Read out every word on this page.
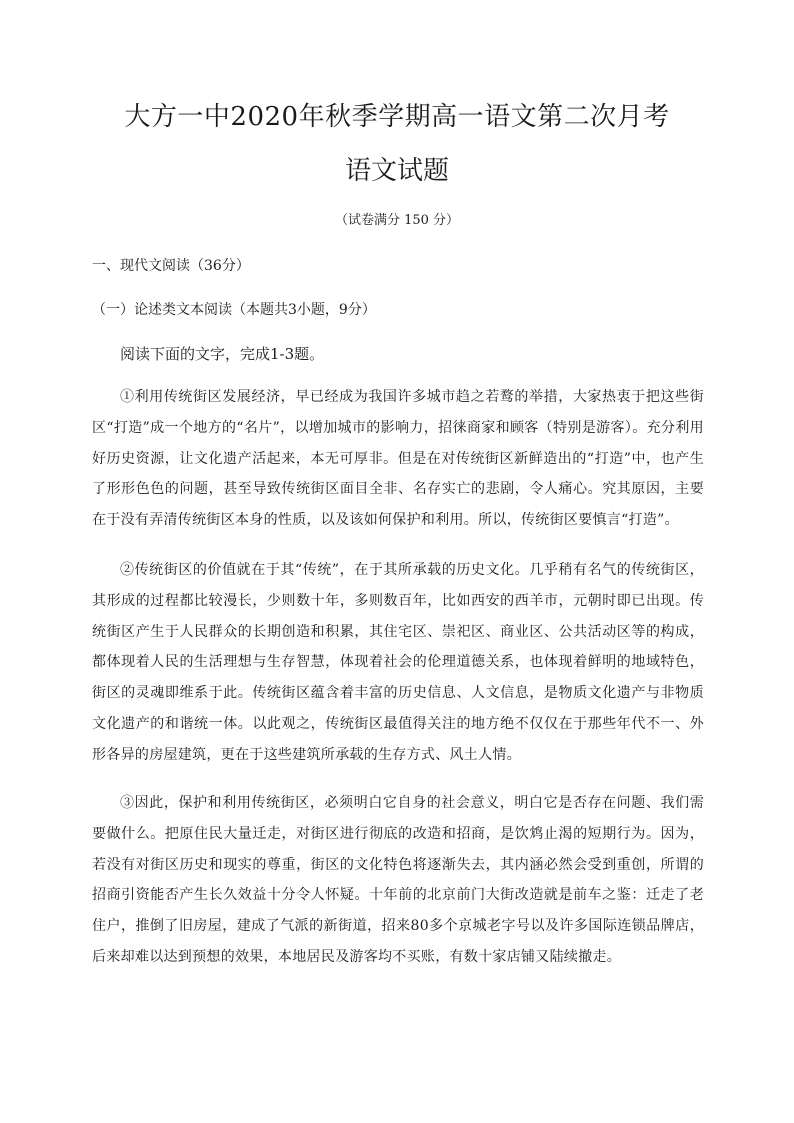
大方一中2020年秋季学期高一语文第二次月考
语文试题
（试卷满分 150 分）
一、现代文阅读（36分）
（一）论述类文本阅读（本题共3小题，9分）
阅读下面的文字，完成1-3题。

①利用传统街区发展经济，早已经成为我国许多城市趋之若鹜的举措，大家热衷于把这些街区“打造”成一个地方的“名片”，以增加城市的影响力，招徕商家和顾客（特别是游客）。充分利用好历史资源，让文化遗产活起来，本无可厚非。但是在对传统街区新鲜造出的“打造”中，也产生了形形色色的问题，甚至导致传统街区面目全非、名存实亡的悲剧，令人痛心。究其原因，主要在于没有弄清传统街区本身的性质，以及该如何保护和利用。所以，传统街区要慎言“打造”。

②传统街区的价值就在于其“传统”，在于其所承载的历史文化。几乎稍有名气的传统街区，其形成的过程都比较漫长，少则数十年，多则数百年，比如西安的西羊市，元朝时即已出现。传统街区产生于人民群众的长期创造和积累，其住宅区、崇祀区、商业区、公共活动区等的构成，都体现着人民的生活理想与生存智慧，体现着社会的伦理道德关系，也体现着鲜明的地域特色，街区的灵魂即维系于此。传统街区蕴含着丰富的历史信息、人文信息，是物质文化遗产与非物质文化遗产的和谐统一体。以此观之，传统街区最值得关注的地方绝不仅仅在于那些年代不一、外形各异的房屋建筑，更在于这些建筑所承载的生存方式、风土人情。

③因此，保护和利用传统街区，必须明白它自身的社会意义，明白它是否存在问题、我们需要做什么。把原住民大量迁走，对街区进行彻底的改造和招商，是饮鸩止渴的短期行为。因为，若没有对街区历史和现实的尊重，街区的文化特色将逐渐失去，其内涵必然会受到重创，所谓的招商引资能否产生长久效益十分令人怀疑。十年前的北京前门大街改造就是前车之鉴：迁走了老住户，推倒了旧房屋，建成了气派的新街道，招来80多个京城老字号以及许多国际连锁品牌店，后来却难以达到预想的效果，本地居民及游客均不买账，有数十家店铺又陆续撤走。
